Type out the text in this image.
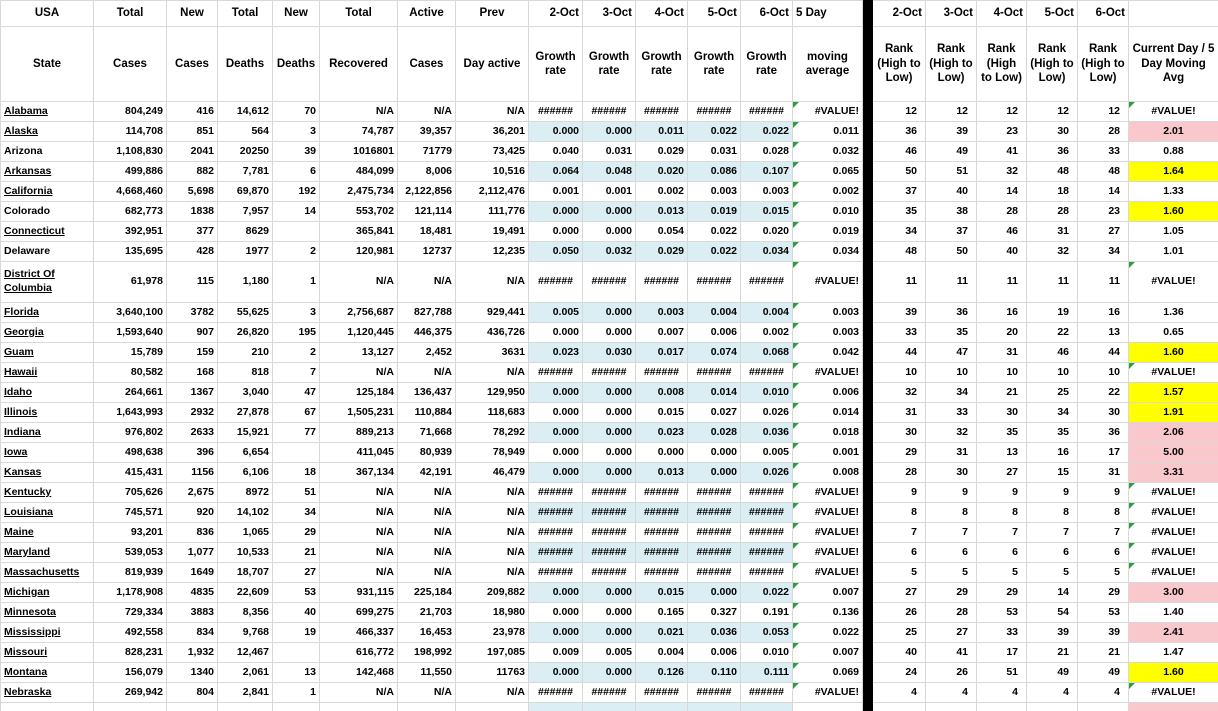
USA	Total	New	Total	New	Total	Active	Prev	2-Oct	3-Oct	4-Oct	5-Oct	6-Oct	5 Day		2-Oct	3-Oct	4-Oct	5-Oct	6-Oct	
State	Cases	Cases	Deaths	Deaths	Recovered	Cases	Day active	Growth rate	Growth rate	Growth rate	Growth rate	Growth rate	moving average		Rank (High to Low)	Rank (High to Low)	Rank (High to Low)	Rank (High to Low)	Rank (High to Low)	Current Day / 5 Day Moving Avg
Alabama	804,249	416	14,612	70	N/A	N/A	N/A	######	######	######	######	######	#VALUE!		12	12	12	12	12	#VALUE!
Alaska	114,708	851	564	3	74,787	39,357	36,201	0.000	0.000	0.011	0.022	0.022	0.011		36	39	23	30	28	2.01
Arizona	1,108,830	2041	20250	39	1016801	71779	73,425	0.040	0.031	0.029	0.031	0.028	0.032		46	49	41	36	33	0.88
Arkansas	499,886	882	7,781	6	484,099	8,006	10,516	0.064	0.048	0.020	0.086	0.107	0.065		50	51	32	48	48	1.64
California	4,668,460	5,698	69,870	192	2,475,734	2,122,856	2,112,476	0.001	0.001	0.002	0.003	0.003	0.002		37	40	14	18	14	1.33
Colorado	682,773	1838	7,957	14	553,702	121,114	111,776	0.000	0.000	0.013	0.019	0.015	0.010		35	38	28	28	23	1.60
Connecticut	392,951	377	8629		365,841	18,481	19,491	0.000	0.000	0.054	0.022	0.020	0.019		34	37	46	31	27	1.05
Delaware	135,695	428	1977	2	120,981	12737	12,235	0.050	0.032	0.029	0.022	0.034	0.034		48	50	40	32	34	1.01
District Of Columbia	61,978	115	1,180	1	N/A	N/A	N/A	######	######	######	######	######	#VALUE!		11	11	11	11	11	#VALUE!
Florida	3,640,100	3782	55,625	3	2,756,687	827,788	929,441	0.005	0.000	0.003	0.004	0.004	0.003		39	36	16	19	16	1.36
Georgia	1,593,640	907	26,820	195	1,120,445	446,375	436,726	0.000	0.000	0.007	0.006	0.002	0.003		33	35	20	22	13	0.65
Guam	15,789	159	210	2	13,127	2,452	3631	0.023	0.030	0.017	0.074	0.068	0.042		44	47	31	46	44	1.60
Hawaii	80,582	168	818	7	N/A	N/A	N/A	######	######	######	######	######	#VALUE!		10	10	10	10	10	#VALUE!
Idaho	264,661	1367	3,040	47	125,184	136,437	129,950	0.000	0.000	0.008	0.014	0.010	0.006		32	34	21	25	22	1.57
Illinois	1,643,993	2932	27,878	67	1,505,231	110,884	118,683	0.000	0.000	0.015	0.027	0.026	0.014		31	33	30	34	30	1.91
Indiana	976,802	2633	15,921	77	889,213	71,668	78,292	0.000	0.000	0.023	0.028	0.036	0.018		30	32	35	35	36	2.06
Iowa	498,638	396	6,654		411,045	80,939	78,949	0.000	0.000	0.000	0.000	0.005	0.001		29	31	13	16	17	5.00
Kansas	415,431	1156	6,106	18	367,134	42,191	46,479	0.000	0.000	0.013	0.000	0.026	0.008		28	30	27	15	31	3.31
Kentucky	705,626	2,675	8972	51	N/A	N/A	N/A	######	######	######	######	######	#VALUE!		9	9	9	9	9	#VALUE!
Louisiana	745,571	920	14,102	34	N/A	N/A	N/A	######	######	######	######	######	#VALUE!		8	8	8	8	8	#VALUE!
Maine	93,201	836	1,065	29	N/A	N/A	N/A	######	######	######	######	######	#VALUE!		7	7	7	7	7	#VALUE!
Maryland	539,053	1,077	10,533	21	N/A	N/A	N/A	######	######	######	######	######	#VALUE!		6	6	6	6	6	#VALUE!
Massachusetts	819,939	1649	18,707	27	N/A	N/A	N/A	######	######	######	######	######	#VALUE!		5	5	5	5	5	#VALUE!
Michigan	1,178,908	4835	22,609	53	931,115	225,184	209,882	0.000	0.000	0.015	0.000	0.022	0.007		27	29	29	14	29	3.00
Minnesota	729,334	3883	8,356	40	699,275	21,703	18,980	0.000	0.000	0.165	0.327	0.191	0.136		26	28	53	54	53	1.40
Mississippi	492,558	834	9,768	19	466,337	16,453	23,978	0.000	0.000	0.021	0.036	0.053	0.022		25	27	33	39	39	2.41
Missouri	828,231	1,932	12,467		616,772	198,992	197,085	0.009	0.005	0.004	0.006	0.010	0.007		40	41	17	21	21	1.47
Montana	156,079	1340	2,061	13	142,468	11,550	11763	0.000	0.000	0.126	0.110	0.111	0.069		24	26	51	49	49	1.60
Nebraska	269,942	804	2,841	1	N/A	N/A	N/A	######	######	######	######	######	#VALUE!		4	4	4	4	4	#VALUE!
